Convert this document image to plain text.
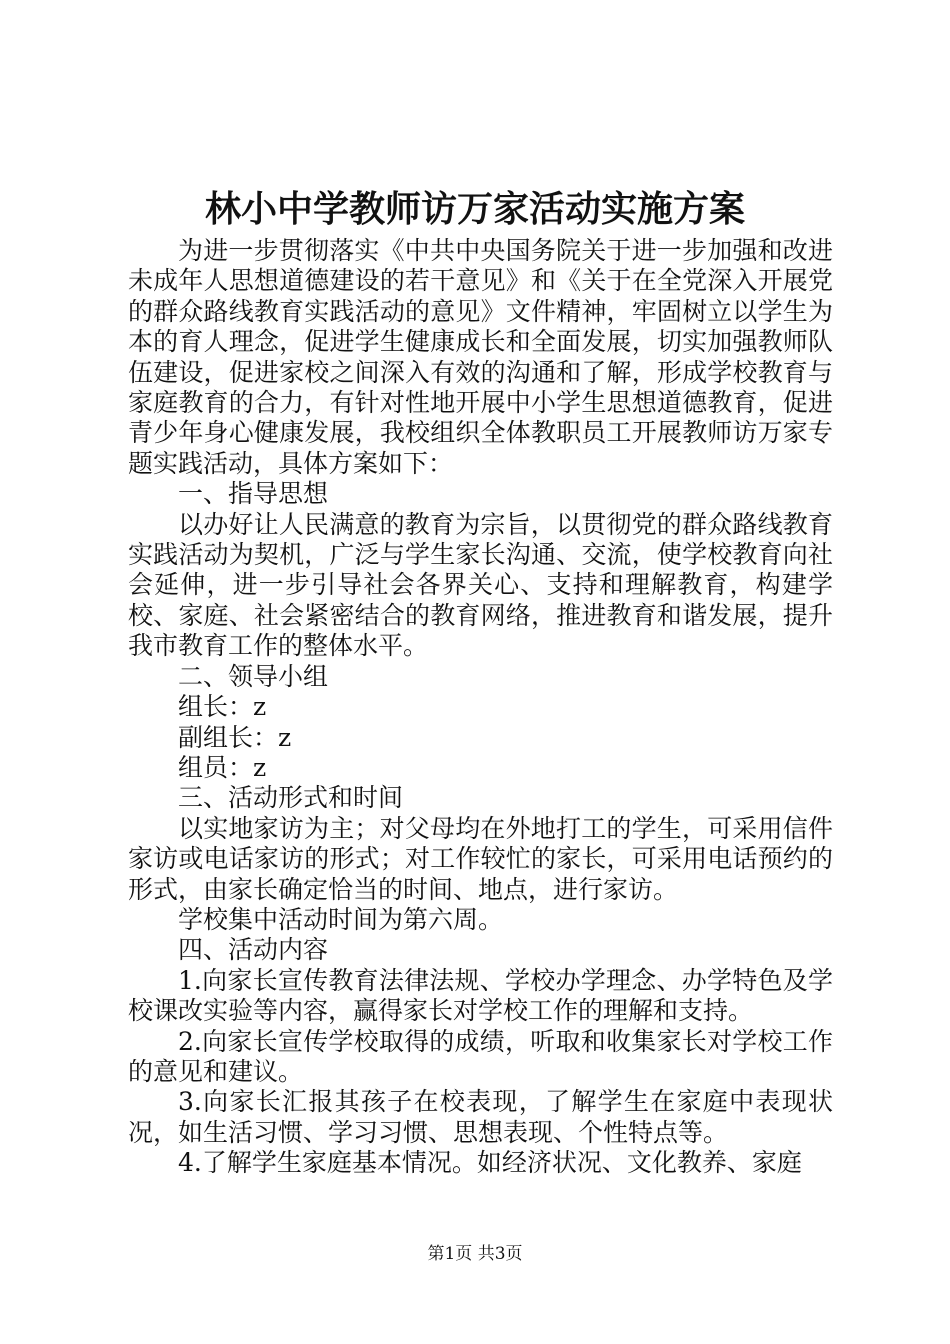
林小中学教师访万家活动实施方案

为进一步贯彻落实《中共中央国务院关于进一步加强和改进未成年人思想道德建设的若干意见》和《关于在全党深入开展党的群众路线教育实践活动的意见》文件精神，牢固树立以学生为本的育人理念，促进学生健康成长和全面发展，切实加强教师队伍建设，促进家校之间深入有效的沟通和了解，形成学校教育与家庭教育的合力，有针对性地开展中小学生思想道德教育，促进青少年身心健康发展，我校组织全体教职员工开展教师访万家专题实践活动，具体方案如下：

一、指导思想

以办好让人民满意的教育为宗旨，以贯彻党的群众路线教育实践活动为契机，广泛与学生家长沟通、交流，使学校教育向社会延伸，进一步引导社会各界关心、支持和理解教育，构建学校、家庭、社会紧密结合的教育网络，推进教育和谐发展，提升我市教育工作的整体水平。

二、领导小组

组长：z

副组长：z

组员：z

三、活动形式和时间

以实地家访为主；对父母均在外地打工的学生，可采用信件家访或电话家访的形式；对工作较忙的家长，可采用电话预约的形式，由家长确定恰当的时间、地点，进行家访。

学校集中活动时间为第六周。

四、活动内容

1.向家长宣传教育法律法规、学校办学理念、办学特色及学校课改实验等内容，赢得家长对学校工作的理解和支持。

2.向家长宣传学校取得的成绩，听取和收集家长对学校工作的意见和建议。

3.向家长汇报其孩子在校表现，了解学生在家庭中表现状况，如生活习惯、学习习惯、思想表现、个性特点等。

4.了解学生家庭基本情况。如经济状况、文化教养、家庭

第1页 共3页
